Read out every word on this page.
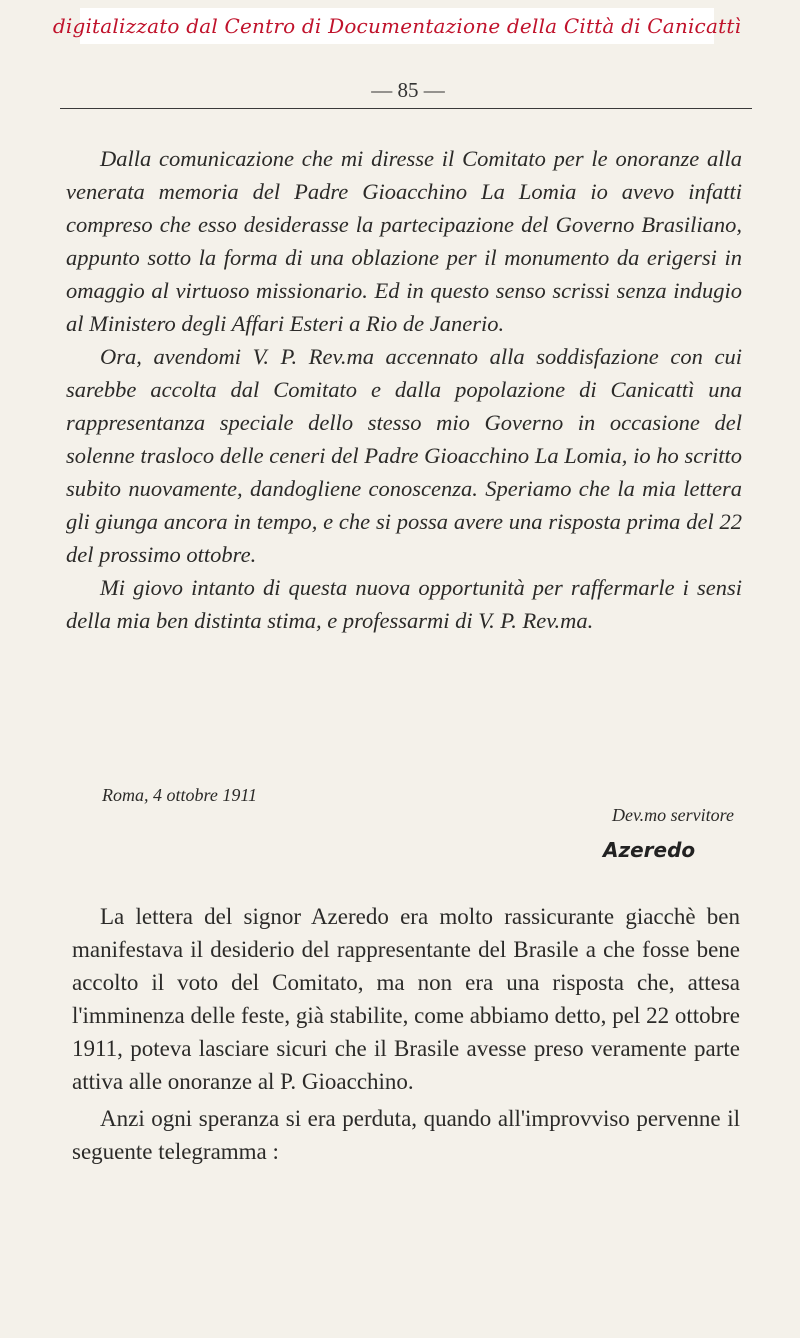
digitalizzato dal Centro di Documentazione della Città di Canicattì
— 85 —

Dalla comunicazione che mi diresse il Comitato per le onoranze alla venerata memoria del Padre Gioacchino La Lomia io avevo infatti compreso che esso desiderasse la partecipazione del Governo Brasiliano, appunto sotto la forma di una oblazione per il monumento da erigersi in omaggio al virtuoso missionario. Ed in questo senso scrissi senza indugio al Ministero degli Affari Esteri a Rio de Janerio.

Ora, avendomi V. P. Rev.ma accennato alla soddisfazione con cui sarebbe accolta dal Comitato e dalla popolazione di Canicattì una rappresentanza speciale dello stesso mio Governo in occasione del solenne trasloco delle ceneri del Padre Gioacchino La Lomia, io ho scritto subito nuovamente, dandogliene conoscenza. Speriamo che la mia lettera gli giunga ancora in tempo, e che si possa avere una risposta prima del 22 del prossimo ottobre.

Mi giovo intanto di questa nuova opportunità per raffermarle i sensi della mia ben distinta stima, e professarmi di V. P. Rev.ma.

Roma, 4 ottobre 1911
Dev.mo servitore
Azeredo

La lettera del signor Azeredo era molto rassicurante giacchè ben manifestava il desiderio del rappresentante del Brasile a che fosse bene accolto il voto del Comitato, ma non era una risposta che, attesa l'imminenza delle feste, già stabilite, come abbiamo detto, pel 22 ottobre 1911, poteva lasciare sicuri che il Brasile avesse preso veramente parte attiva alle onoranze al P. Gioacchino.

Anzi ogni speranza si era perduta, quando all'improvviso pervenne il seguente telegramma :
